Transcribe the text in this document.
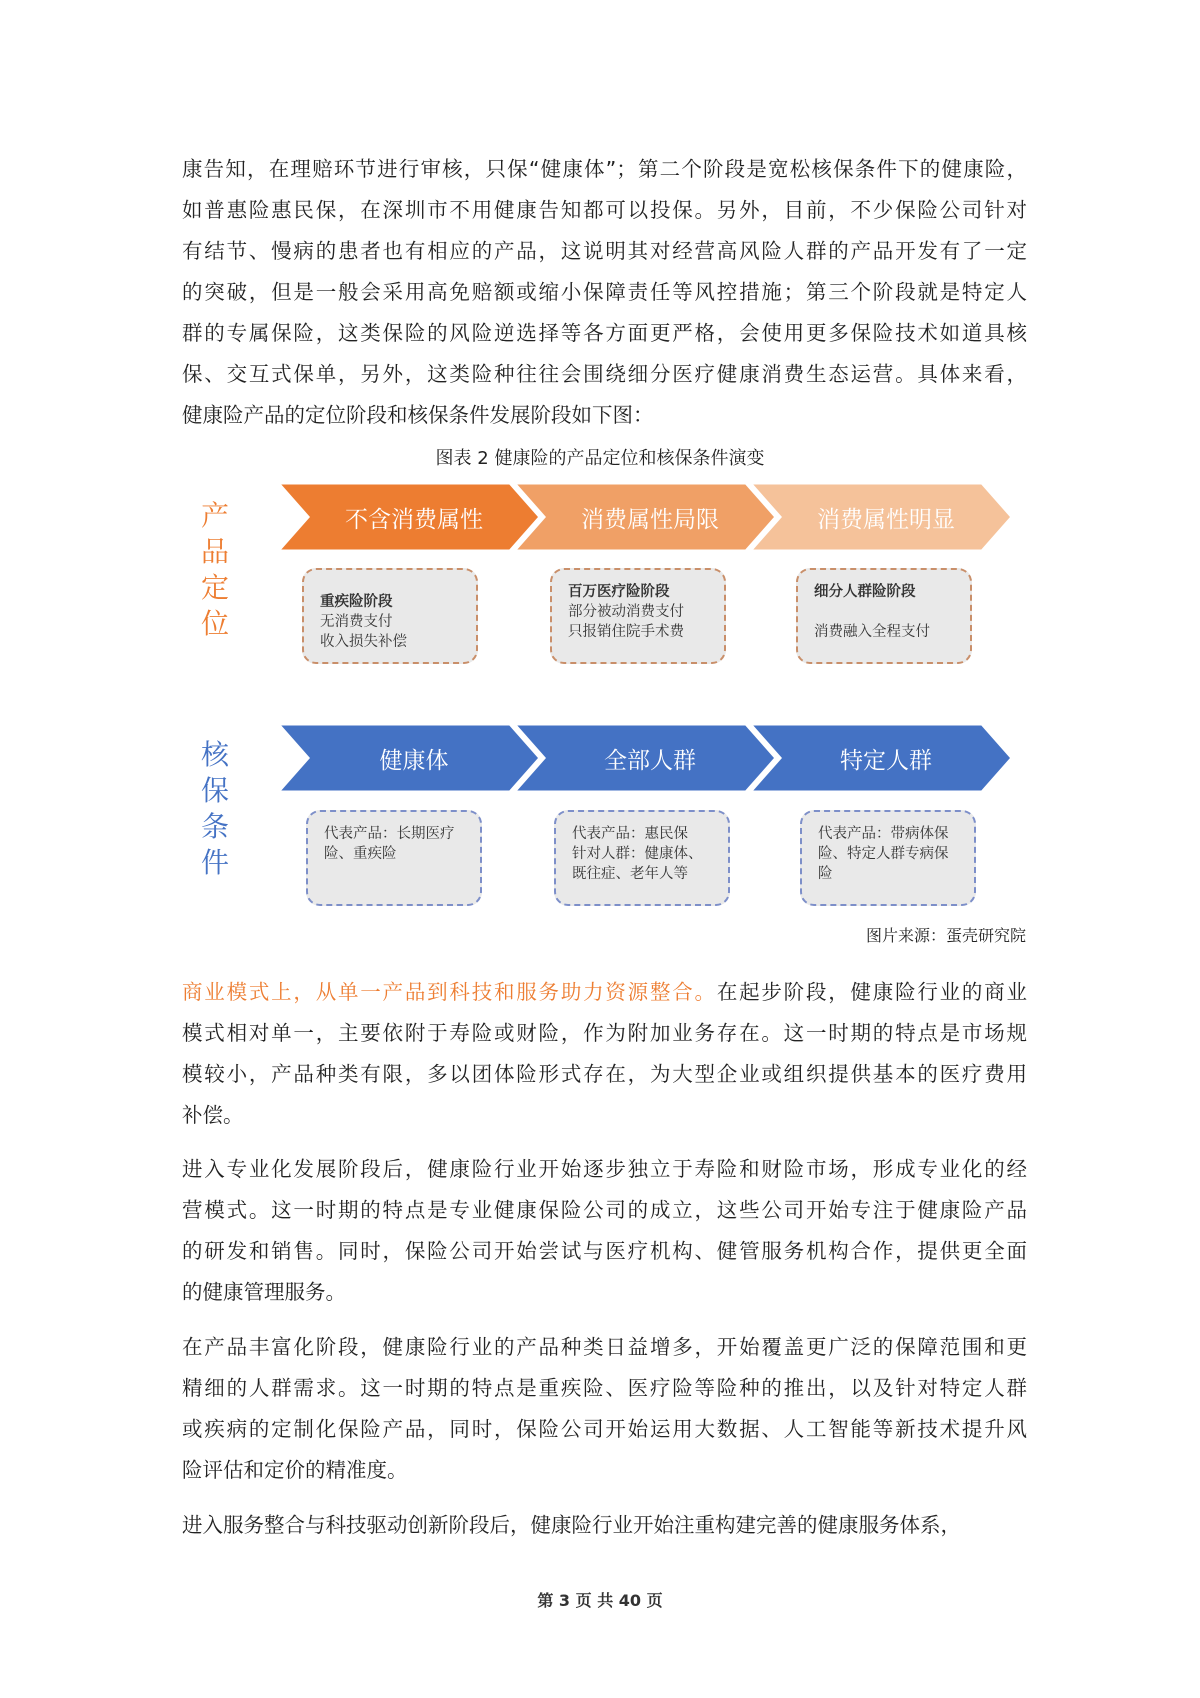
康告知，在理赔环节进行审核，只保“健康体”；第二个阶段是宽松核保条件下的健康险，
如普惠险惠民保，在深圳市不用健康告知都可以投保。另外，目前，不少保险公司针对
有结节、慢病的患者也有相应的产品，这说明其对经营高风险人群的产品开发有了一定
的突破，但是一般会采用高免赔额或缩小保障责任等风控措施；第三个阶段就是特定人
群的专属保险，这类保险的风险逆选择等各方面更严格，会使用更多保险技术如道具核
保、交互式保单，另外，这类险种往往会围绕细分医疗健康消费生态运营。具体来看，
健康险产品的定位阶段和核保条件发展阶段如下图：
图表 2 健康险的产品定位和核保条件演变
产
品
定
位
核
保
条
件
不含消费属性	消费属性局限	消费属性明显
健康体	全部人群	特定人群
重疾险阶段
无消费支付
收入损失补偿
百万医疗险阶段
部分被动消费支付
只报销住院手术费
细分人群险阶段
消费融入全程支付
代表产品：长期医疗
险、重疾险
代表产品：惠民保
针对人群：健康体、
既往症、老年人等
代表产品：带病体保
险、特定人群专病保
险
图片来源：蛋壳研究院
商业模式上，从单一产品到科技和服务助力资源整合。在起步阶段，健康险行业的商业
模式相对单一，主要依附于寿险或财险，作为附加业务存在。这一时期的特点是市场规
模较小，产品种类有限，多以团体险形式存在，为大型企业或组织提供基本的医疗费用
补偿。
进入专业化发展阶段后，健康险行业开始逐步独立于寿险和财险市场，形成专业化的经
营模式。这一时期的特点是专业健康保险公司的成立，这些公司开始专注于健康险产品
的研发和销售。同时，保险公司开始尝试与医疗机构、健管服务机构合作，提供更全面
的健康管理服务。
在产品丰富化阶段，健康险行业的产品种类日益增多，开始覆盖更广泛的保障范围和更
精细的人群需求。这一时期的特点是重疾险、医疗险等险种的推出，以及针对特定人群
或疾病的定制化保险产品，同时，保险公司开始运用大数据、人工智能等新技术提升风
险评估和定价的精准度。
进入服务整合与科技驱动创新阶段后，健康险行业开始注重构建完善的健康服务体系，
第 3 页 共 40 页
